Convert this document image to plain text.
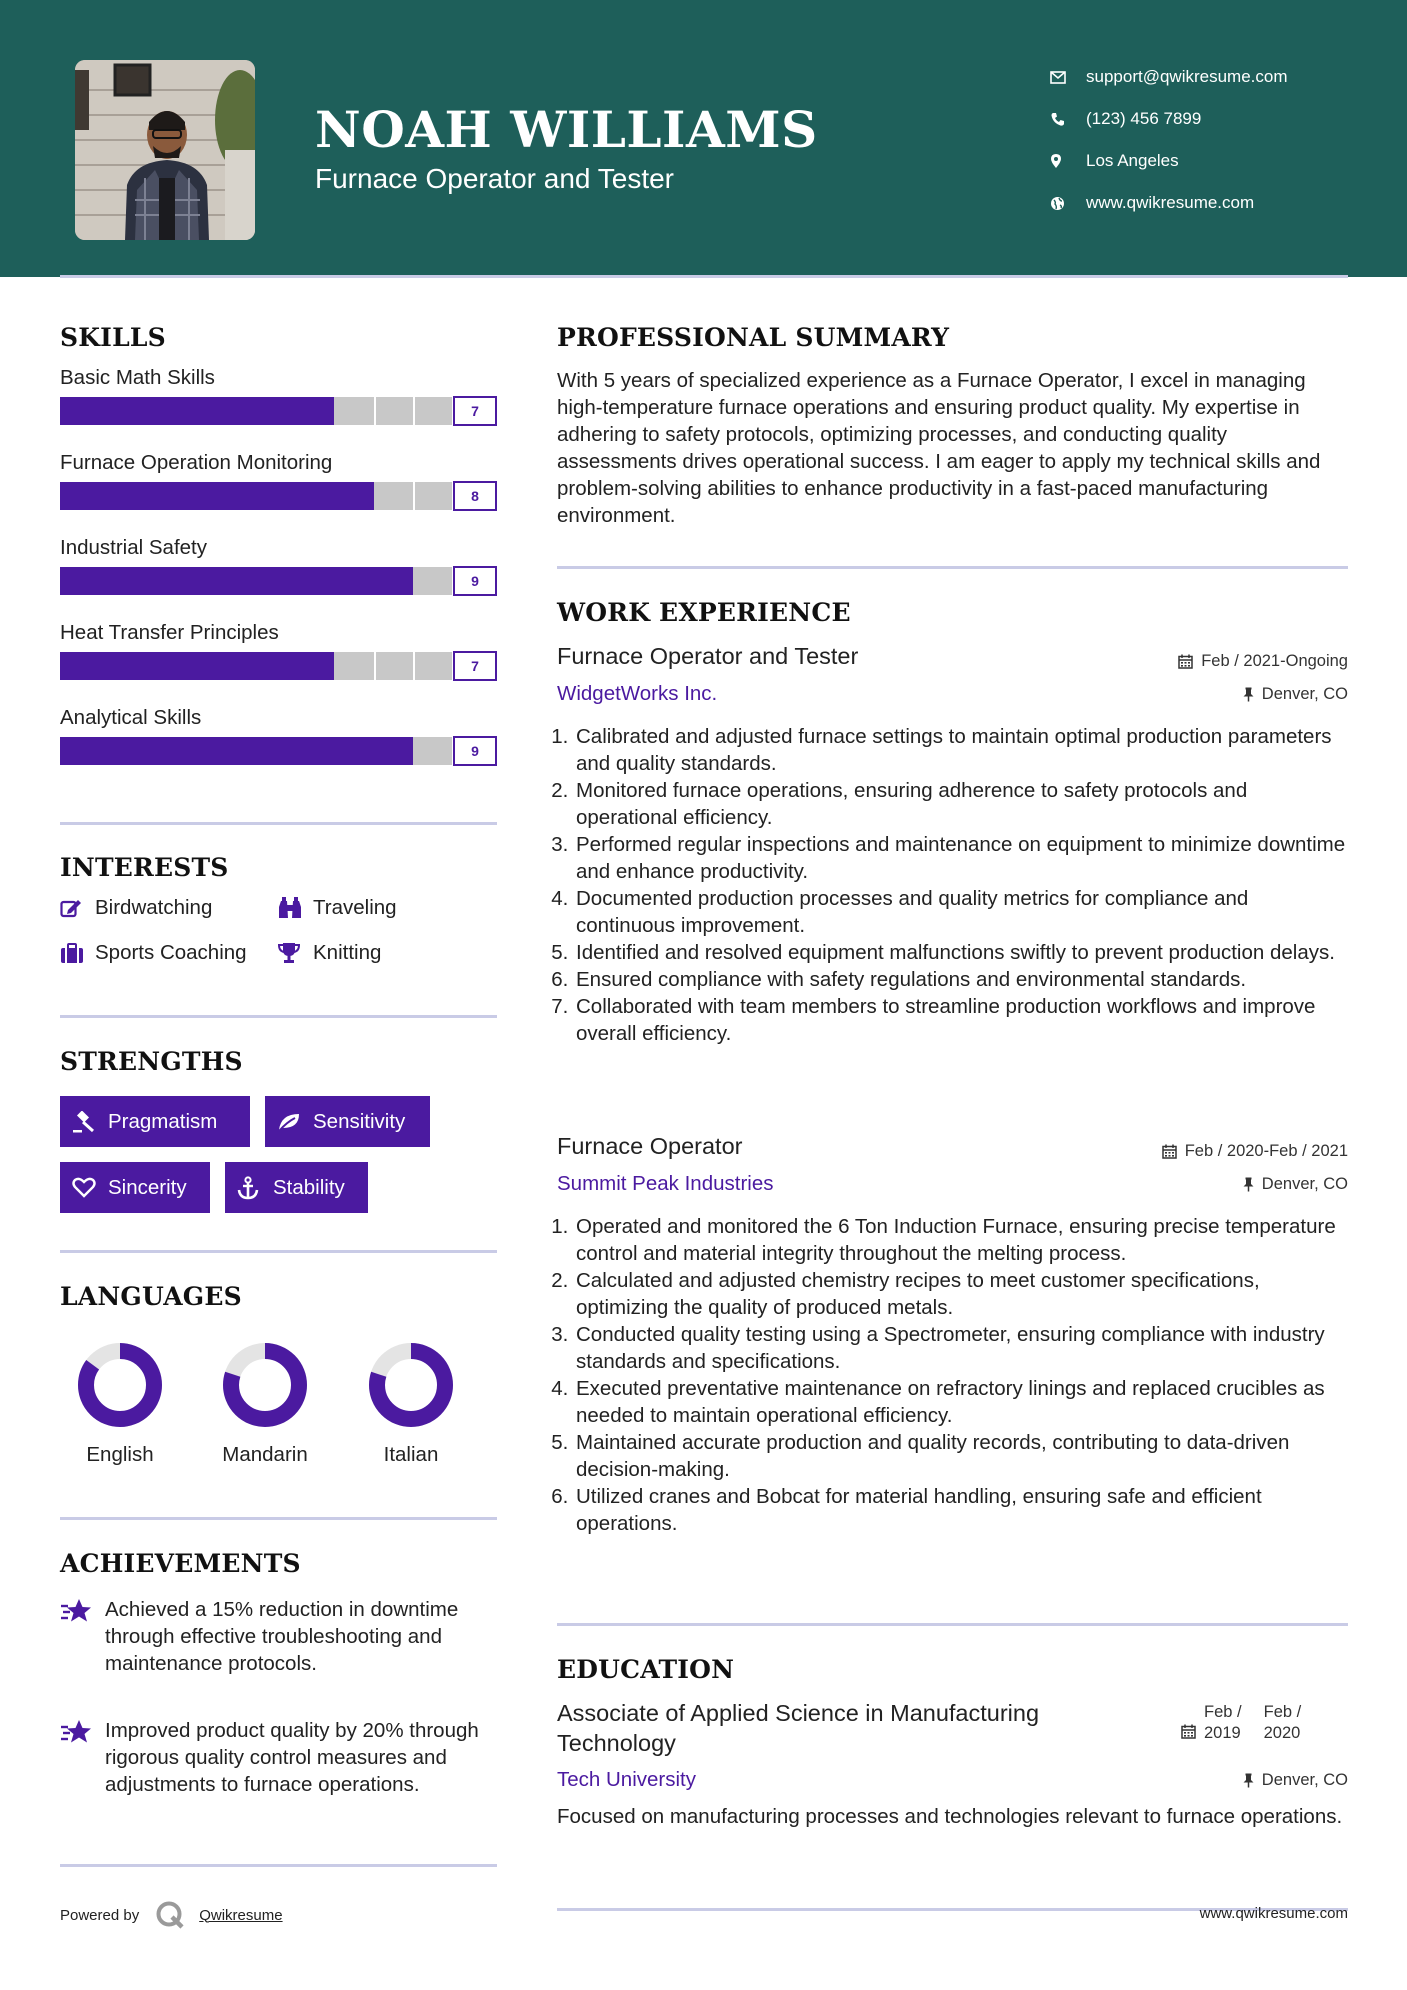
NOAH WILLIAMS
Furnace Operator and Tester
support@qwikresume.com
(123) 456 7899
Los Angeles
www.qwikresume.com
SKILLS
Basic Math Skills
7
Furnace Operation Monitoring
8
Industrial Safety
9
Heat Transfer Principles
7
Analytical Skills
9
INTERESTS
Birdwatching	Traveling
Sports Coaching	Knitting
STRENGTHS
Pragmatism	Sensitivity
Sincerity	Stability
LANGUAGES
English	Mandarin	Italian
ACHIEVEMENTS
Achieved a 15% reduction in downtime through effective troubleshooting and maintenance protocols.
Improved product quality by 20% through rigorous quality control measures and adjustments to furnace operations.
PROFESSIONAL SUMMARY
With 5 years of specialized experience as a Furnace Operator, I excel in managing high-temperature furnace operations and ensuring product quality. My expertise in adhering to safety protocols, optimizing processes, and conducting quality assessments drives operational success. I am eager to apply my technical skills and problem-solving abilities to enhance productivity in a fast-paced manufacturing environment.
WORK EXPERIENCE
Furnace Operator and Tester	Feb / 2021-Ongoing
WidgetWorks Inc.	Denver, CO
1. Calibrated and adjusted furnace settings to maintain optimal production parameters and quality standards.
2. Monitored furnace operations, ensuring adherence to safety protocols and operational efficiency.
3. Performed regular inspections and maintenance on equipment to minimize downtime and enhance productivity.
4. Documented production processes and quality metrics for compliance and continuous improvement.
5. Identified and resolved equipment malfunctions swiftly to prevent production delays.
6. Ensured compliance with safety regulations and environmental standards.
7. Collaborated with team members to streamline production workflows and improve overall efficiency.
Furnace Operator	Feb / 2020-Feb / 2021
Summit Peak Industries	Denver, CO
1. Operated and monitored the 6 Ton Induction Furnace, ensuring precise temperature control and material integrity throughout the melting process.
2. Calculated and adjusted chemistry recipes to meet customer specifications, optimizing the quality of produced metals.
3. Conducted quality testing using a Spectrometer, ensuring compliance with industry standards and specifications.
4. Executed preventative maintenance on refractory linings and replaced crucibles as needed to maintain operational efficiency.
5. Maintained accurate production and quality records, contributing to data-driven decision-making.
6. Utilized cranes and Bobcat for material handling, ensuring safe and efficient operations.
EDUCATION
Associate of Applied Science in Manufacturing
Technology
Feb /
2019
Feb /
2020
Tech University	Denver, CO
Focused on manufacturing processes and technologies relevant to furnace operations.
Powered by	Qwikresume	www.qwikresume.com
